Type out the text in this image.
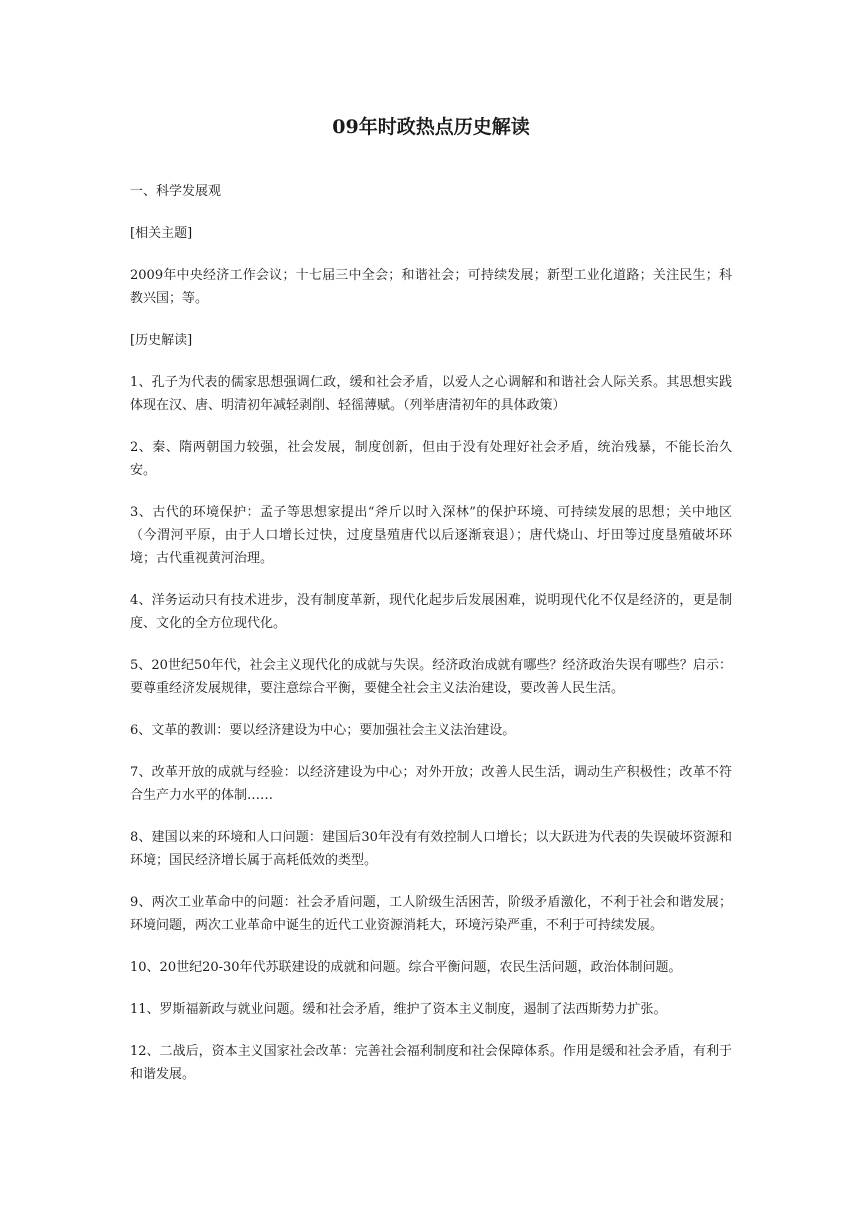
09年时政热点历史解读

一、科学发展观

[相关主题]

2009年中央经济工作会议；十七届三中全会；和谐社会；可持续发展；新型工业化道路；关注民生；科教兴国；等。

[历史解读]

1、孔子为代表的儒家思想强调仁政，缓和社会矛盾，以爱人之心调解和和谐社会人际关系。其思想实践体现在汉、唐、明清初年减轻剥削、轻徭薄赋。（列举唐清初年的具体政策）

2、秦、隋两朝国力较强，社会发展，制度创新，但由于没有处理好社会矛盾，统治残暴，不能长治久安。

3、古代的环境保护：孟子等思想家提出“斧斤以时入深林”的保护环境、可持续发展的思想；关中地区（今渭河平原，由于人口增长过快，过度垦殖唐代以后逐渐衰退）；唐代烧山、圩田等过度垦殖破坏环境；古代重视黄河治理。

4、洋务运动只有技术进步，没有制度革新，现代化起步后发展困难，说明现代化不仅是经济的，更是制度、文化的全方位现代化。

5、20世纪50年代，社会主义现代化的成就与失误。经济政治成就有哪些？经济政治失误有哪些？启示：要尊重经济发展规律，要注意综合平衡，要健全社会主义法治建设，要改善人民生活。

6、文革的教训：要以经济建设为中心；要加强社会主义法治建设。

7、改革开放的成就与经验：以经济建设为中心；对外开放；改善人民生活，调动生产积极性；改革不符合生产力水平的体制……

8、建国以来的环境和人口问题：建国后30年没有有效控制人口增长；以大跃进为代表的失误破坏资源和环境；国民经济增长属于高耗低效的类型。

9、两次工业革命中的问题：社会矛盾问题，工人阶级生活困苦，阶级矛盾激化，不利于社会和谐发展；环境问题，两次工业革命中诞生的近代工业资源消耗大，环境污染严重，不利于可持续发展。

10、20世纪20-30年代苏联建设的成就和问题。综合平衡问题，农民生活问题，政治体制问题。

11、罗斯福新政与就业问题。缓和社会矛盾，维护了资本主义制度，遏制了法西斯势力扩张。

12、二战后，资本主义国家社会改革：完善社会福利制度和社会保障体系。作用是缓和社会矛盾，有利于和谐发展。
